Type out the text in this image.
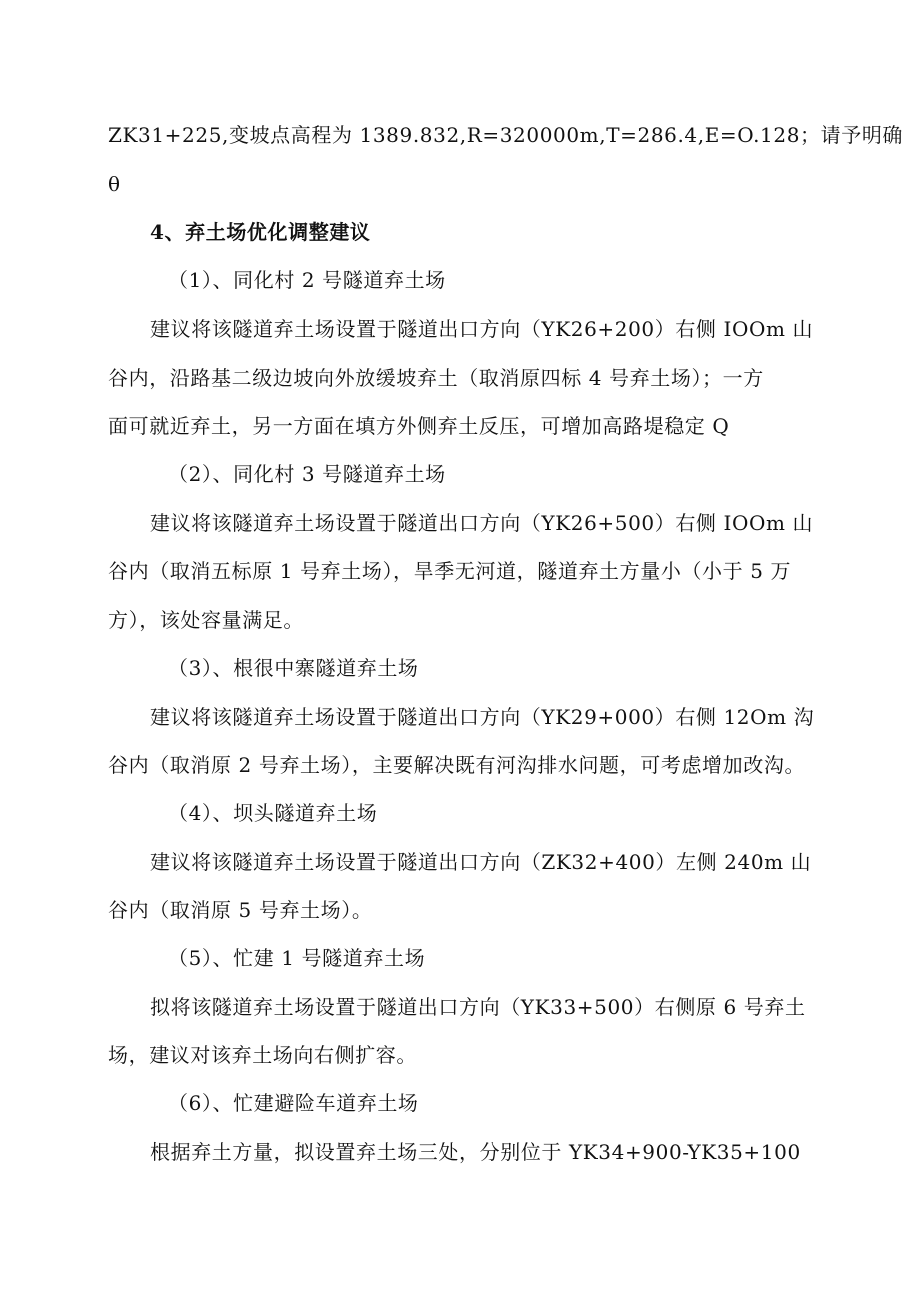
ZK31+225,变坡点高程为 1389.832,R=320000m,T=286.4,E=O.128；请予明确
θ
4、弃土场优化调整建议
（1）、同化村 2 号隧道弃土场
建议将该隧道弃土场设置于隧道出口方向（YK26+200）右侧 IOOm 山
谷内，沿路基二级边坡向外放缓坡弃土（取消原四标 4 号弃土场）；一方
面可就近弃土，另一方面在填方外侧弃土反压，可增加高路堤稳定 Q
（2）、同化村 3 号隧道弃土场
建议将该隧道弃土场设置于隧道出口方向（YK26+500）右侧 IOOm 山
谷内（取消五标原 1 号弃土场），旱季无河道，隧道弃土方量小（小于 5 万
方），该处容量满足。
（3）、根很中寨隧道弃土场
建议将该隧道弃土场设置于隧道出口方向（YK29+000）右侧 12Om 沟
谷内（取消原 2 号弃土场），主要解决既有河沟排水问题，可考虑增加改沟。
（4）、坝头隧道弃土场
建议将该隧道弃土场设置于隧道出口方向（ZK32+400）左侧 240m 山
谷内（取消原 5 号弃土场）。
（5）、忙建 1 号隧道弃土场
拟将该隧道弃土场设置于隧道出口方向（YK33+500）右侧原 6 号弃土
场，建议对该弃土场向右侧扩容。
（6）、忙建避险车道弃土场
根据弃土方量，拟设置弃土场三处，分别位于 YK34+900-YK35+100
